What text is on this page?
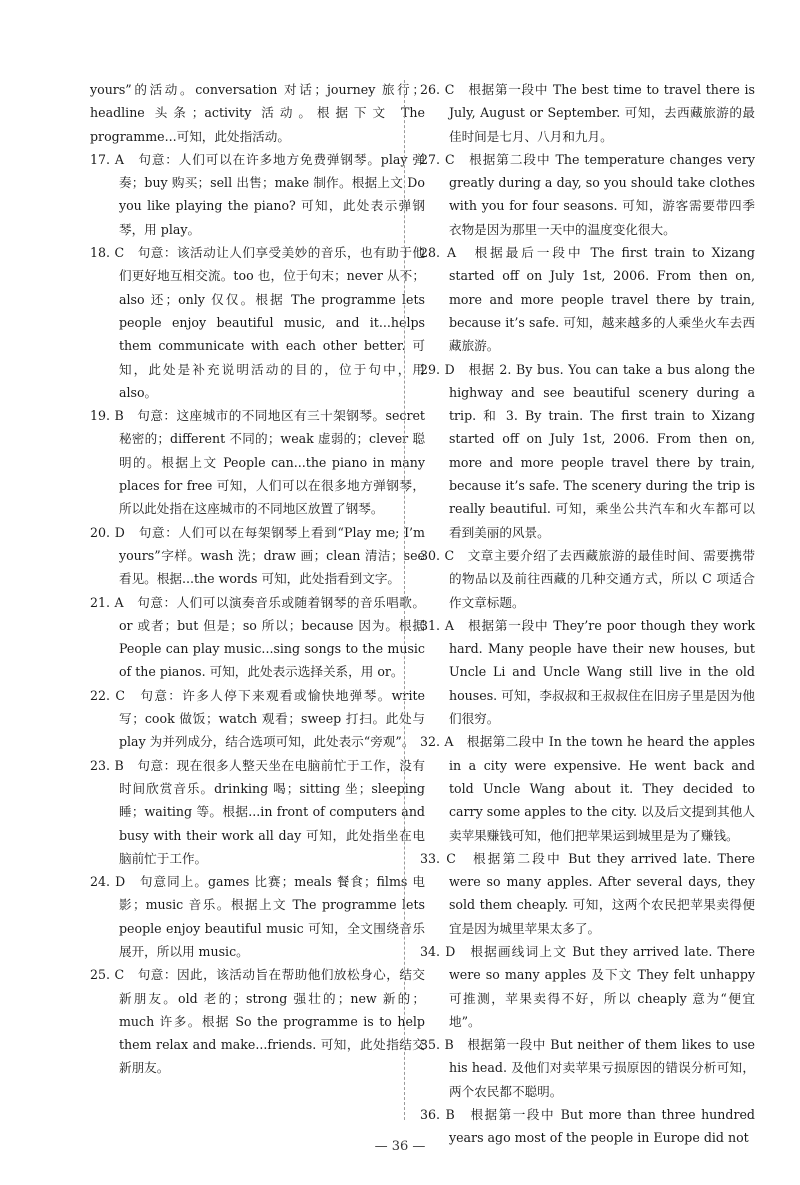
yours”的活动。conversation 对话；journey 旅行；headline 头条；activity 活动。根据下文 The programme...可知，此处指活动。
17. A　句意：人们可以在许多地方免费弹钢琴。play 弹奏；buy 购买；sell 出售；make 制作。根据上文 Do you like playing the piano? 可知，此处表示弹钢琴，用 play。
18. C　句意：该活动让人们享受美妙的音乐，也有助于他们更好地互相交流。too 也，位于句末；never 从不；also 还；only 仅仅。根据 The programme lets people enjoy beautiful music, and it...helps them communicate with each other better. 可知，此处是补充说明活动的目的，位于句中，用 also。
19. B　句意：这座城市的不同地区有三十架钢琴。secret 秘密的；different 不同的；weak 虚弱的；clever 聪明的。根据上文 People can...the piano in many places for free 可知，人们可以在很多地方弹钢琴，所以此处指在这座城市的不同地区放置了钢琴。
20. D　句意：人们可以在每架钢琴上看到“Play me; I’m yours”字样。wash 洗；draw 画；clean 清洁；see 看见。根据...the words 可知，此处指看到文字。
21. A　句意：人们可以演奏音乐或随着钢琴的音乐唱歌。or 或者；but 但是；so 所以；because 因为。根据 People can play music...sing songs to the music of the pianos. 可知，此处表示选择关系，用 or。
22. C　句意：许多人停下来观看或愉快地弹琴。write 写；cook 做饭；watch 观看；sweep 打扫。此处与 play 为并列成分，结合选项可知，此处表示“旁观”。
23. B　句意：现在很多人整天坐在电脑前忙于工作，没有时间欣赏音乐。drinking 喝；sitting 坐；sleeping 睡；waiting 等。根据...in front of computers and busy with their work all day 可知，此处指坐在电脑前忙于工作。
24. D　句意同上。games 比赛；meals 餐食；films 电影；music 音乐。根据上文 The programme lets people enjoy beautiful music 可知，全文围绕音乐展开，所以用 music。
25. C　句意：因此，该活动旨在帮助他们放松身心，结交新朋友。old 老的；strong 强壮的；new 新的；much 许多。根据 So the programme is to help them relax and make...friends. 可知，此处指结交新朋友。
26. C　根据第一段中 The best time to travel there is July, August or September. 可知，去西藏旅游的最佳时间是七月、八月和九月。
27. C　根据第二段中 The temperature changes very greatly during a day, so you should take clothes with you for four seasons. 可知，游客需要带四季衣物是因为那里一天中的温度变化很大。
28. A　根据最后一段中 The first train to Xizang started off on July 1st, 2006. From then on, more and more people travel there by train, because it’s safe. 可知，越来越多的人乘坐火车去西藏旅游。
29. D　根据 2. By bus. You can take a bus along the highway and see beautiful scenery during a trip. 和 3. By train. The first train to Xizang started off on July 1st, 2006. From then on, more and more people travel there by train, because it’s safe. The scenery during the trip is really beautiful. 可知，乘坐公共汽车和火车都可以看到美丽的风景。
30. C　文章主要介绍了去西藏旅游的最佳时间、需要携带的物品以及前往西藏的几种交通方式，所以 C 项适合作文章标题。
31. A　根据第一段中 They’re poor though they work hard. Many people have their new houses, but Uncle Li and Uncle Wang still live in the old houses. 可知，李叔叔和王叔叔住在旧房子里是因为他们很穷。
32. A　根据第二段中 In the town he heard the apples in a city were expensive. He went back and told Uncle Wang about it. They decided to carry some apples to the city. 以及后文提到其他人卖苹果赚钱可知，他们把苹果运到城里是为了赚钱。
33. C　根据第二段中 But they arrived late. There were so many apples. After several days, they sold them cheaply. 可知，这两个农民把苹果卖得便宜是因为城里苹果太多了。
34. D　根据画线词上文 But they arrived late. There were so many apples 及下文 They felt unhappy 可推测，苹果卖得不好，所以 cheaply 意为“便宜地”。
35. B　根据第一段中 But neither of them likes to use his head. 及他们对卖苹果亏损原因的错误分析可知，两个农民都不聪明。
36. B　根据第一段中 But more than three hundred years ago most of the people in Europe did not
— 36 —
